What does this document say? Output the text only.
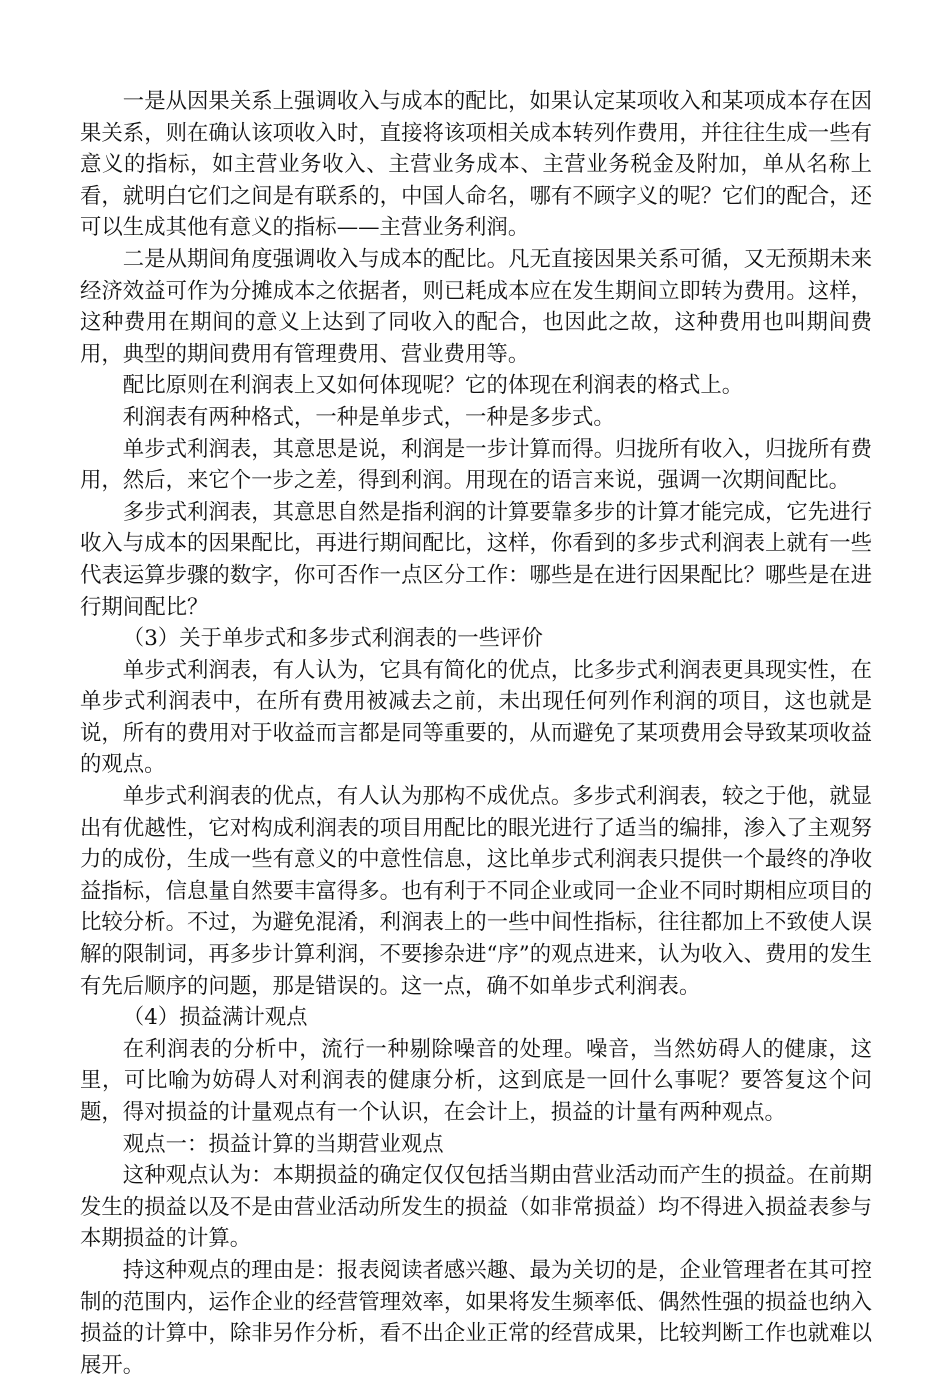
一是从因果关系上强调收入与成本的配比，如果认定某项收入和某项成本存在因果关系，则在确认该项收入时，直接将该项相关成本转列作费用，并往往生成一些有意义的指标，如主营业务收入、主营业务成本、主营业务税金及附加，单从名称上看，就明白它们之间是有联系的，中国人命名，哪有不顾字义的呢？它们的配合，还可以生成其他有意义的指标——主营业务利润。

二是从期间角度强调收入与成本的配比。凡无直接因果关系可循，又无预期未来经济效益可作为分摊成本之依据者，则已耗成本应在发生期间立即转为费用。这样，这种费用在期间的意义上达到了同收入的配合，也因此之故，这种费用也叫期间费用，典型的期间费用有管理费用、营业费用等。

配比原则在利润表上又如何体现呢？它的体现在利润表的格式上。

利润表有两种格式，一种是单步式，一种是多步式。

单步式利润表，其意思是说，利润是一步计算而得。归拢所有收入，归拢所有费用，然后，来它个一步之差，得到利润。用现在的语言来说，强调一次期间配比。

多步式利润表，其意思自然是指利润的计算要靠多步的计算才能完成，它先进行收入与成本的因果配比，再进行期间配比，这样，你看到的多步式利润表上就有一些代表运算步骤的数字，你可否作一点区分工作：哪些是在进行因果配比？哪些是在进行期间配比？

（3）关于单步式和多步式利润表的一些评价

单步式利润表，有人认为，它具有简化的优点，比多步式利润表更具现实性，在单步式利润表中，在所有费用被减去之前，未出现任何列作利润的项目，这也就是说，所有的费用对于收益而言都是同等重要的，从而避免了某项费用会导致某项收益的观点。

单步式利润表的优点，有人认为那构不成优点。多步式利润表，较之于他，就显出有优越性，它对构成利润表的项目用配比的眼光进行了适当的编排，渗入了主观努力的成份，生成一些有意义的中意性信息，这比单步式利润表只提供一个最终的净收益指标，信息量自然要丰富得多。也有利于不同企业或同一企业不同时期相应项目的比较分析。不过，为避免混淆，利润表上的一些中间性指标，往往都加上不致使人误解的限制词，再多步计算利润，不要掺杂进“序”的观点进来，认为收入、费用的发生有先后顺序的问题，那是错误的。这一点，确不如单步式利润表。

（4）损益满计观点

在利润表的分析中，流行一种剔除噪音的处理。噪音，当然妨碍人的健康，这里，可比喻为妨碍人对利润表的健康分析，这到底是一回什么事呢？要答复这个问题，得对损益的计量观点有一个认识，在会计上，损益的计量有两种观点。

观点一：损益计算的当期营业观点

这种观点认为：本期损益的确定仅仅包括当期由营业活动而产生的损益。在前期发生的损益以及不是由营业活动所发生的损益（如非常损益）均不得进入损益表参与本期损益的计算。

持这种观点的理由是：报表阅读者感兴趣、最为关切的是，企业管理者在其可控制的范围内，运作企业的经营管理效率，如果将发生频率低、偶然性强的损益也纳入损益的计算中，除非另作分析，看不出企业正常的经营成果，比较判断工作也就难以展开。
